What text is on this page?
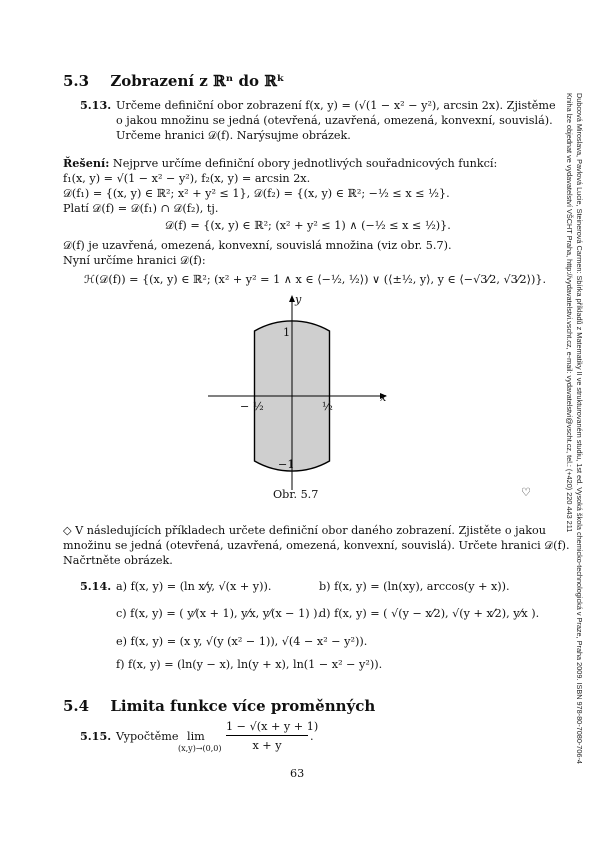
5.3 Zobrazení z ℝⁿ do ℝᵏ
5.13. Určeme definiční obor zobrazení f(x, y) = (√(1 − x² − y²), arcsin 2x). Zjistěme
o jakou množinu se jedná (otevřená, uzavřená, omezená, konvexní, souvislá).
Určeme hranici 𝒟(f). Narýsujme obrázek.
Řešení: Nejprve určíme definiční obory jednotlivých souřadnicových funkcí:
f₁(x, y) = √(1 − x² − y²), f₂(x, y) = arcsin 2x.
𝒟(f₁) = {(x, y) ∈ ℝ²; x² + y² ≤ 1}, 𝒟(f₂) = {(x, y) ∈ ℝ²; −½ ≤ x ≤ ½}.
Platí 𝒟(f) = 𝒟(f₁) ∩ 𝒟(f₂), tj.
𝒟(f) = {(x, y) ∈ ℝ²; (x² + y² ≤ 1) ∧ (−½ ≤ x ≤ ½)}.
𝒟(f) je uzavřená, omezená, konvexní, souvislá množina (viz obr. 5.7).
Nyní určíme hranici 𝒟(f):
ℋ(𝒟(f)) = {(x, y) ∈ ℝ²; (x² + y² = 1 ∧ x ∈ ⟨−½, ½⟩) ∨ (⟨±½, y⟩, y ∈ ⟨−√3⁄2, √3⁄2⟩)}.
y
x
1
−1
− ½	½
Obr. 5.7	♡
◇ V následujících příkladech určete definiční obor daného zobrazení. Zjistěte o jakou
množinu se jedná (otevřená, uzavřená, omezená, konvexní, souvislá). Určete hranici 𝒟(f).
Načrtněte obrázek.
5.14. a) f(x, y) = (ln x⁄y, √(x + y)).	b) f(x, y) = (ln(xy), arccos(y + x)).
c) f(x, y) = ( y⁄(x + 1), y⁄x, y⁄(x − 1) ).
d) f(x, y) = ( √(y − x⁄2), √(y + x⁄2), y⁄x ).
e) f(x, y) = (x y, √(y (x² − 1)), √(4 − x² − y²)).
f) f(x, y) = (ln(y − x), ln(y + x), ln(1 − x² − y²)).
5.4 Limita funkce více proměnných
5.15. Vypočtěme lim
(x,y)→(0,0)
1 − √(x + y + 1)
x + y
.
63
Dubcová Miroslava, Pavlová Lucie, Steinerová Carmen: Sbírka příkladů z Matematiky II ve strukturovaném studiu, 1st ed. Vysoká škola chemicko-technologická v Praze, Praha 2009. ISBN 978-80-7080-706-4
Kniha lze objednat ve vydavatelství VŠCHT Praha, http://vydavatelstvi.vscht.cz, e-mail: vydavatelstvi@vscht.cz, tel.: (+420) 220 443 211
